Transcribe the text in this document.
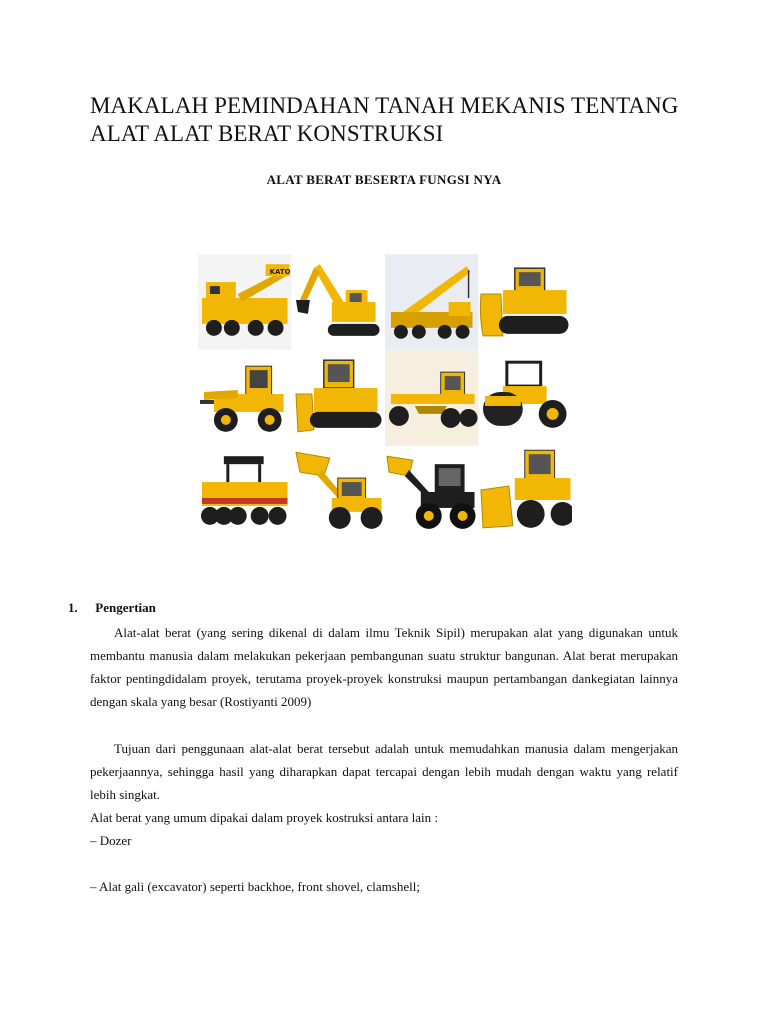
MAKALAH PEMINDAHAN TANAH MEKANIS TENTANG
ALAT ALAT BERAT KONSTRUKSI
ALAT BERAT BESERTA FUNGSI NYA
KATO
1. Pengertian

Alat-alat berat (yang sering dikenal di dalam ilmu Teknik Sipil) merupakan alat yang digunakan untuk membantu manusia dalam melakukan pekerjaan pembangunan suatu struktur bangunan. Alat berat merupakan faktor pentingdidalam proyek, terutama proyek-proyek konstruksi maupun pertambangan dankegiatan lainnya dengan skala yang besar (Rostiyanti 2009)

Tujuan dari penggunaan alat-alat berat tersebut adalah untuk memudahkan manusia dalam mengerjakan pekerjaannya, sehingga hasil yang diharapkan dapat tercapai dengan lebih mudah dengan waktu yang relatif lebih singkat.

Alat berat yang umum dipakai dalam proyek kostruksi antara lain :
– Dozer
– Alat gali (excavator) seperti backhoe, front shovel, clamshell;
